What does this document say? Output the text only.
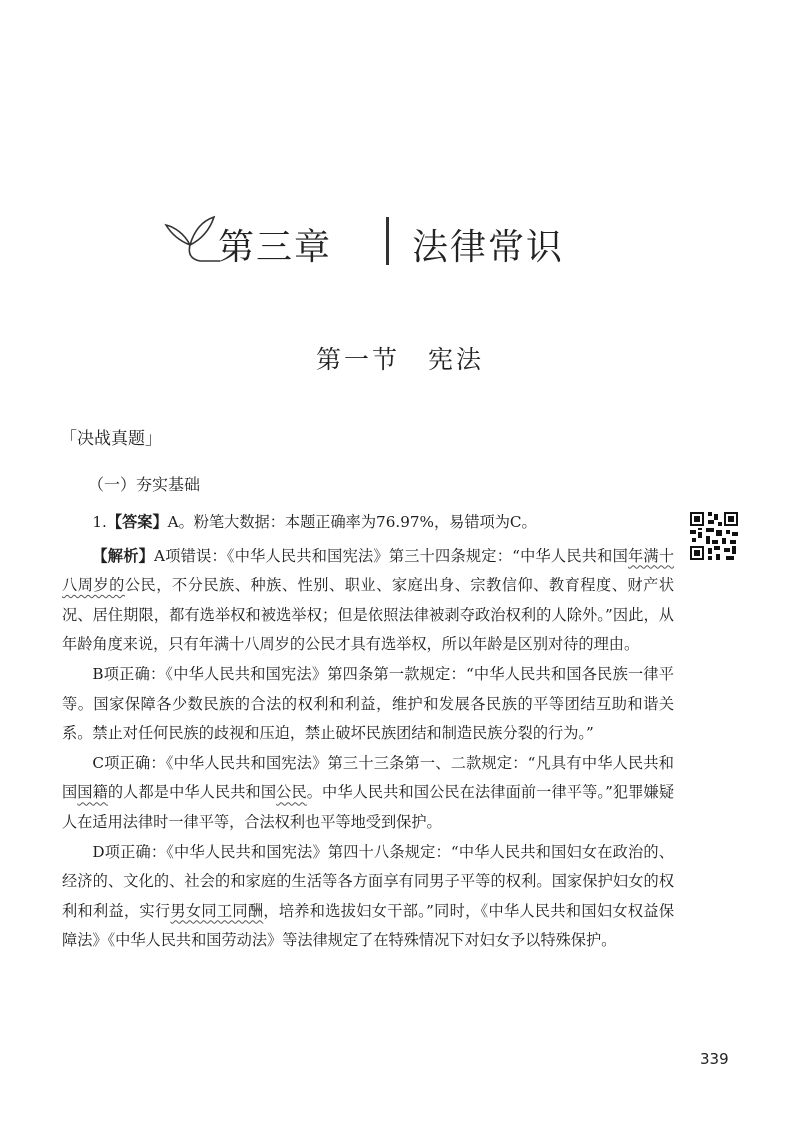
第三章 法律常识
第一节　宪法
「决战真题」
（一）夯实基础

1.【答案】A。粉笔大数据：本题正确率为76.97%，易错项为C。

【解析】A项错误：《中华人民共和国宪法》第三十四条规定：“中华人民共和国年满十八周岁的公民，不分民族、种族、性别、职业、家庭出身、宗教信仰、教育程度、财产状况、居住期限，都有选举权和被选举权；但是依照法律被剥夺政治权利的人除外。”因此，从年龄角度来说，只有年满十八周岁的公民才具有选举权，所以年龄是区别对待的理由。

B项正确：《中华人民共和国宪法》第四条第一款规定：“中华人民共和国各民族一律平等。国家保障各少数民族的合法的权利和利益，维护和发展各民族的平等团结互助和谐关系。禁止对任何民族的歧视和压迫，禁止破坏民族团结和制造民族分裂的行为。”

C项正确：《中华人民共和国宪法》第三十三条第一、二款规定：“凡具有中华人民共和国国籍的人都是中华人民共和国公民。中华人民共和国公民在法律面前一律平等。”犯罪嫌疑人在适用法律时一律平等，合法权利也平等地受到保护。

D项正确：《中华人民共和国宪法》第四十八条规定：“中华人民共和国妇女在政治的、经济的、文化的、社会的和家庭的生活等各方面享有同男子平等的权利。国家保护妇女的权利和利益，实行男女同工同酬，培养和选拔妇女干部。”同时，《中华人民共和国妇女权益保障法》《中华人民共和国劳动法》等法律规定了在特殊情况下对妇女予以特殊保护。

339
